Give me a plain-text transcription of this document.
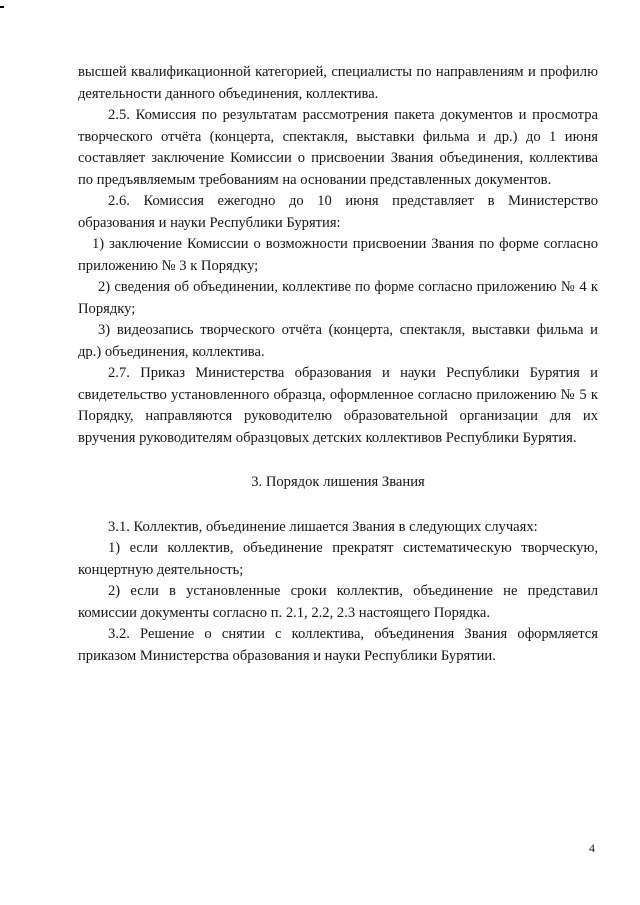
высшей квалификационной категорией, специалисты по направлениям и профилю деятельности данного объединения, коллектива.

2.5. Комиссия по результатам рассмотрения пакета документов и просмотра творческого отчёта (концерта, спектакля, выставки фильма и др.) до 1 июня составляет заключение Комиссии о присвоении Звания объединения, коллектива по предъявляемым требованиям на основании представленных документов.

2.6. Комиссия ежегодно до 10 июня представляет в Министерство образования и науки Республики Бурятия:

1) заключение Комиссии о возможности присвоении Звания по форме согласно приложению № 3 к Порядку;

2) сведения об объединении, коллективе по форме согласно приложению № 4 к Порядку;

3) видеозапись творческого отчёта (концерта, спектакля, выставки фильма и др.) объединения, коллектива.

2.7. Приказ Министерства образования и науки Республики Бурятия и свидетельство установленного образца, оформленное согласно приложению № 5 к Порядку, направляются руководителю образовательной организации для их вручения руководителям образцовых детских коллективов Республики Бурятия.

3. Порядок лишения Звания

3.1. Коллектив, объединение лишается Звания в следующих случаях:

1) если коллектив, объединение прекратят систематическую творческую, концертную деятельность;

2) если в установленные сроки коллектив, объединение не представил комиссии документы согласно п. 2.1, 2.2, 2.3 настоящего Порядка.

3.2. Решение о снятии с коллектива, объединения Звания оформляется приказом Министерства образования и науки Республики Бурятии.

4
